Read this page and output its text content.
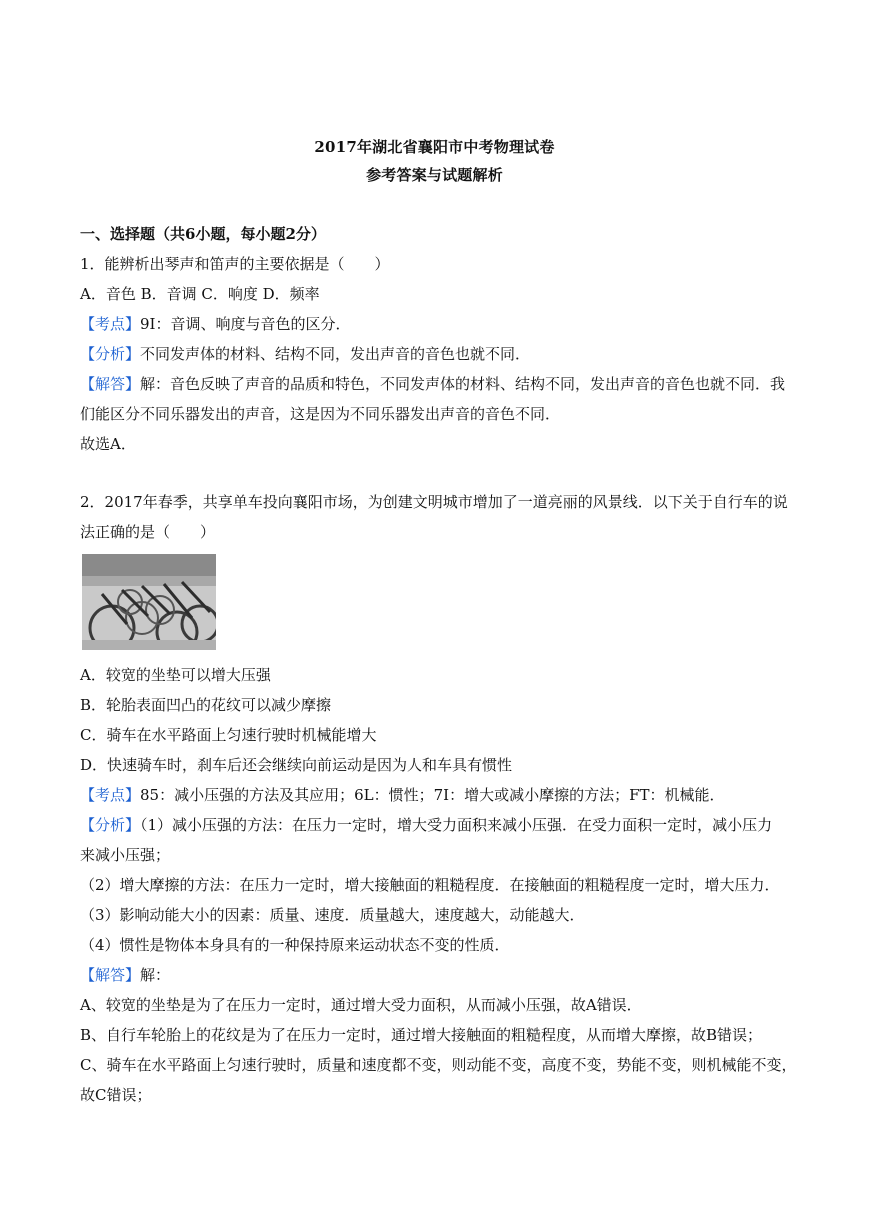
2017年湖北省襄阳市中考物理试卷
参考答案与试题解析
一、选择题（共6小题，每小题2分）
1．能辨析出琴声和笛声的主要依据是（　　）
A．音色 B．音调 C．响度 D．频率
【考点】9I：音调、响度与音色的区分．
【分析】不同发声体的材料、结构不同，发出声音的音色也就不同．
【解答】解：音色反映了声音的品质和特色，不同发声体的材料、结构不同，发出声音的音色也就不同．我
们能区分不同乐器发出的声音，这是因为不同乐器发出声音的音色不同．
故选A．
2．2017年春季，共享单车投向襄阳市场，为创建文明城市增加了一道亮丽的风景线．以下关于自行车的说
法正确的是（　　）
A．较宽的坐垫可以增大压强
B．轮胎表面凹凸的花纹可以减少摩擦
C．骑车在水平路面上匀速行驶时机械能增大
D．快速骑车时，刹车后还会继续向前运动是因为人和车具有惯性
【考点】85：减小压强的方法及其应用；6L：惯性；7I：增大或减小摩擦的方法；FT：机械能．
【分析】（1）减小压强的方法：在压力一定时，增大受力面积来减小压强．在受力面积一定时，减小压力
来减小压强；
（2）增大摩擦的方法：在压力一定时，增大接触面的粗糙程度．在接触面的粗糙程度一定时，增大压力．
（3）影响动能大小的因素：质量、速度．质量越大，速度越大，动能越大．
（4）惯性是物体本身具有的一种保持原来运动状态不变的性质．
【解答】解：
A、较宽的坐垫是为了在压力一定时，通过增大受力面积，从而减小压强，故A错误．
B、自行车轮胎上的花纹是为了在压力一定时，通过增大接触面的粗糙程度，从而增大摩擦，故B错误；
C、骑车在水平路面上匀速行驶时，质量和速度都不变，则动能不变，高度不变，势能不变，则机械能不变，
故C错误；
